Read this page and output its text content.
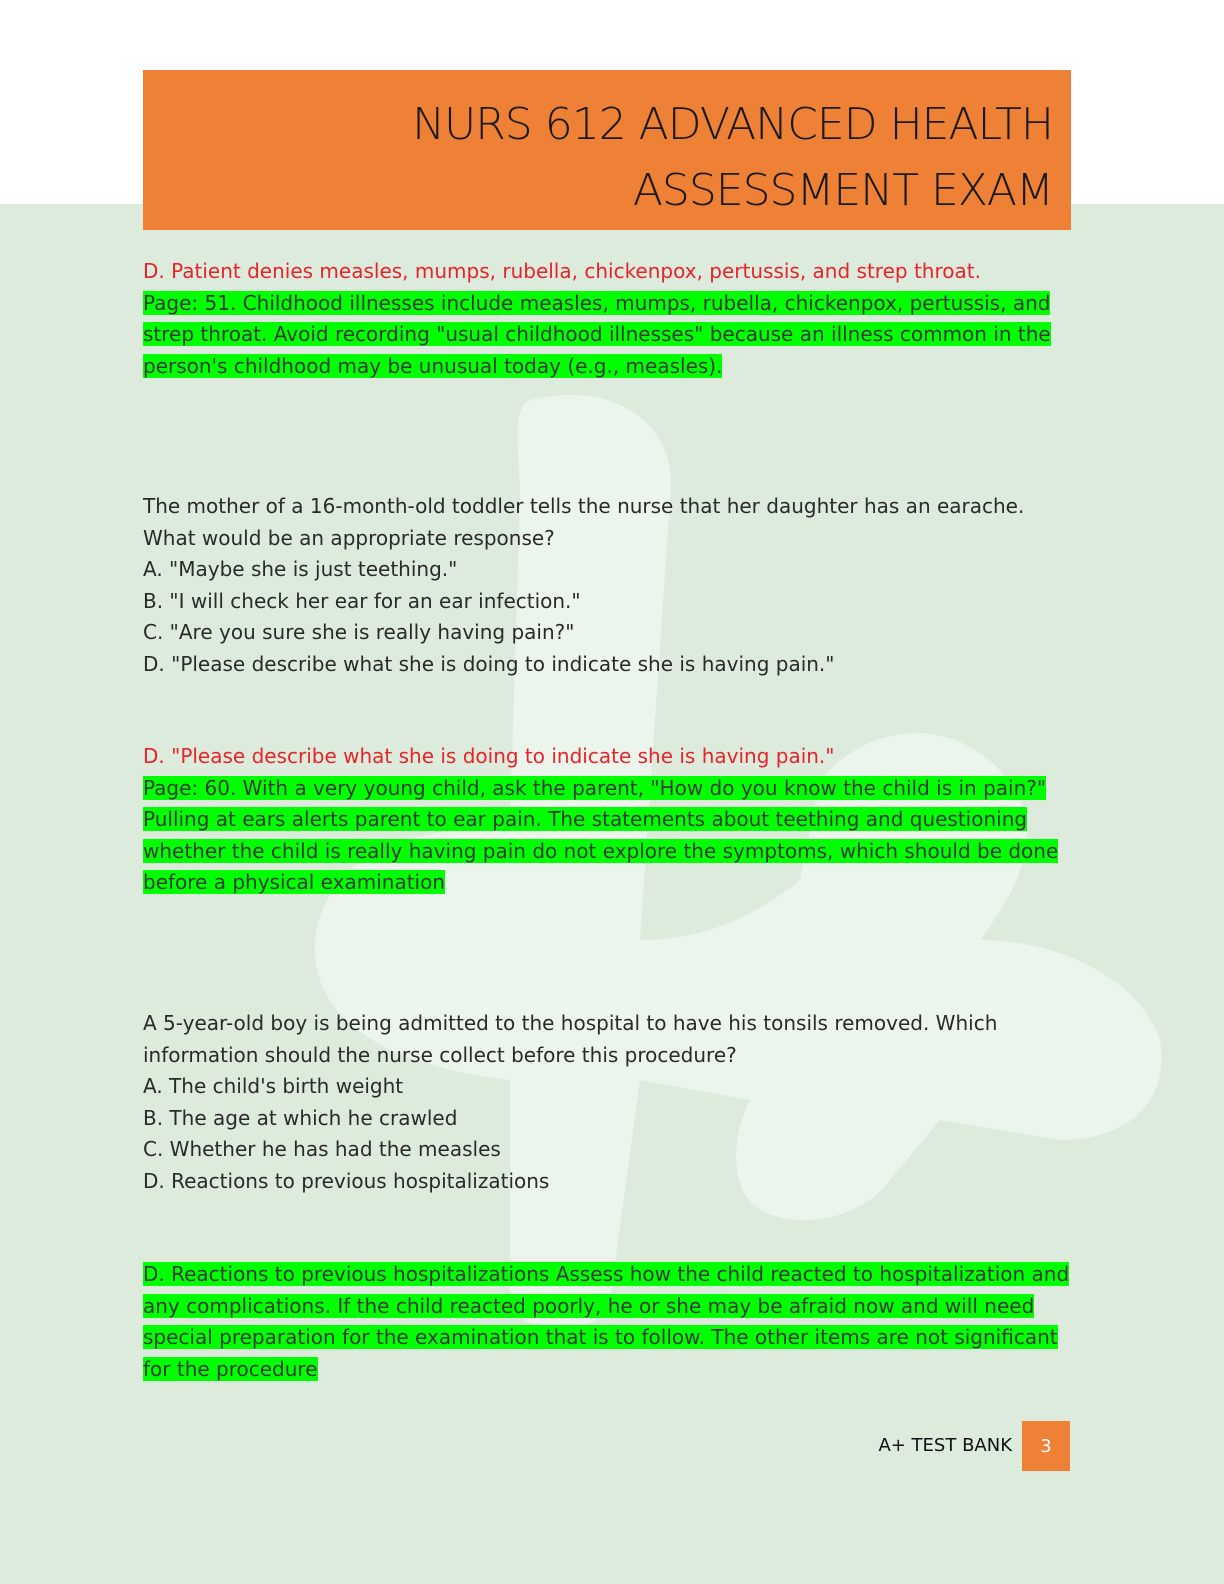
NURS 612 ADVANCED HEALTH
ASSESSMENT EXAM

D. Patient denies measles, mumps, rubella, chickenpox, pertussis, and strep throat.

Page: 51. Childhood illnesses include measles, mumps, rubella, chickenpox, pertussis, and strep throat. Avoid recording "usual childhood illnesses" because an illness common in the person's childhood may be unusual today (e.g., measles).

The mother of a 16-month-old toddler tells the nurse that her daughter has an earache. What would be an appropriate response?

A. "Maybe she is just teething."

B. "I will check her ear for an ear infection."

C. "Are you sure she is really having pain?"

D. "Please describe what she is doing to indicate she is having pain."

D. "Please describe what she is doing to indicate she is having pain."

Page: 60. With a very young child, ask the parent, "How do you know the child is in pain?" Pulling at ears alerts parent to ear pain. The statements about teething and questioning whether the child is really having pain do not explore the symptoms, which should be done before a physical examination

A 5-year-old boy is being admitted to the hospital to have his tonsils removed. Which information should the nurse collect before this procedure?

A. The child's birth weight

B. The age at which he crawled

C. Whether he has had the measles

D. Reactions to previous hospitalizations

D. Reactions to previous hospitalizations Assess how the child reacted to hospitalization and any complications. If the child reacted poorly, he or she may be afraid now and will need special preparation for the examination that is to follow. The other items are not significant for the procedure

A+ TEST BANK	3
